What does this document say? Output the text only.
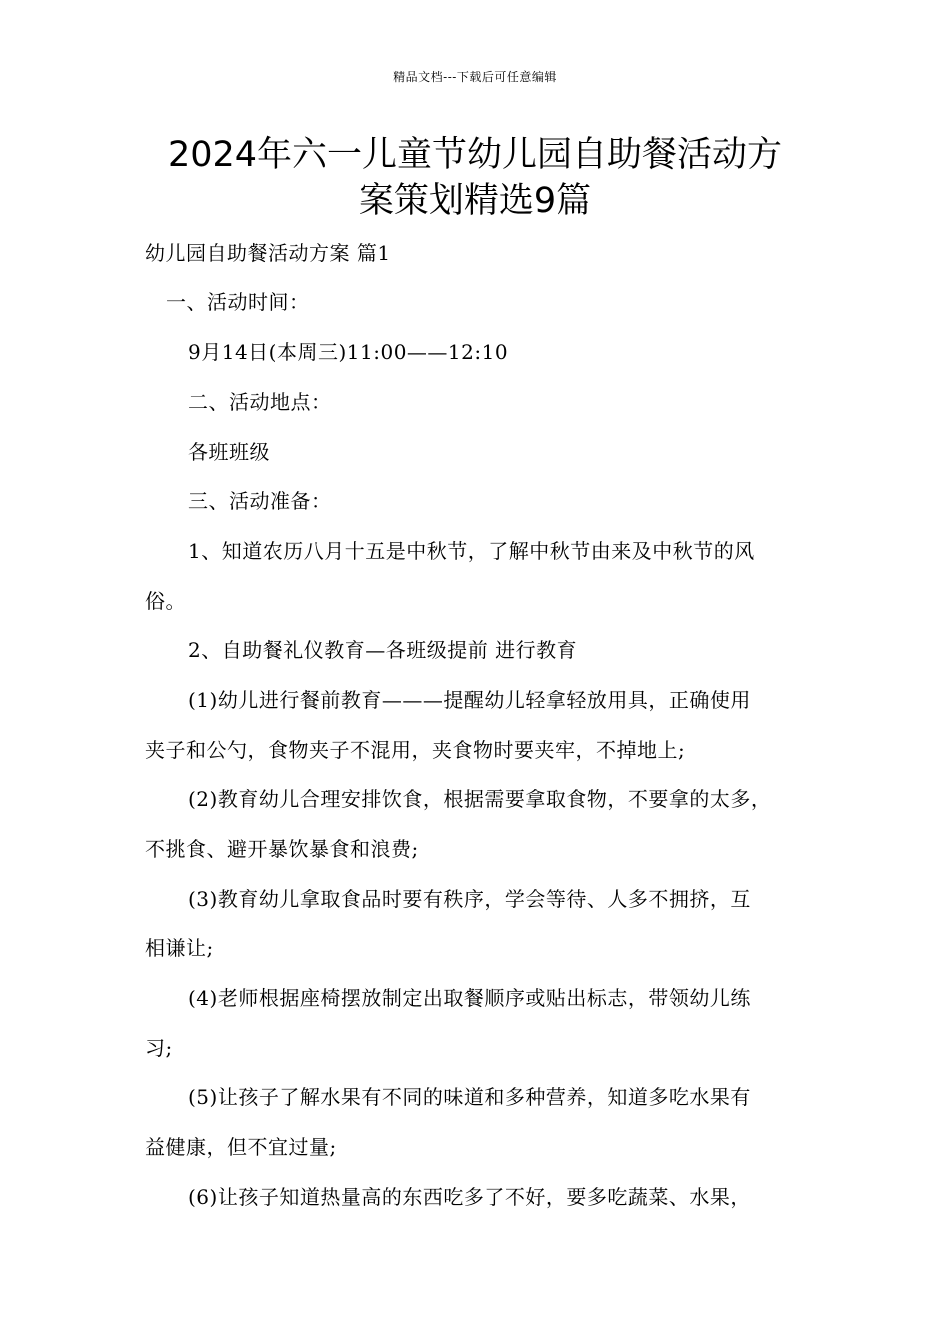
精品文档---下载后可任意编辑
2024年六一儿童节幼儿园自助餐活动方
案策划精选9篇
幼儿园自助餐活动方案 篇1
一、活动时间：
9月14日(本周三)11:00——12:10
二、活动地点：
各班班级
三、活动准备：
1、知道农历八月十五是中秋节，了解中秋节由来及中秋节的风
俗。
2、自助餐礼仪教育—各班级提前 进行教育
(1)幼儿进行餐前教育———提醒幼儿轻拿轻放用具，正确使用
夹子和公勺，食物夹子不混用，夹食物时要夹牢，不掉地上;
(2)教育幼儿合理安排饮食，根据需要拿取食物，不要拿的太多，
不挑食、避开暴饮暴食和浪费;
(3)教育幼儿拿取食品时要有秩序，学会等待、人多不拥挤，互
相谦让;
(4)老师根据座椅摆放制定出取餐顺序或贴出标志，带领幼儿练
习;
(5)让孩子了解水果有不同的味道和多种营养，知道多吃水果有
益健康，但不宜过量;
(6)让孩子知道热量高的东西吃多了不好，要多吃蔬菜、水果，
